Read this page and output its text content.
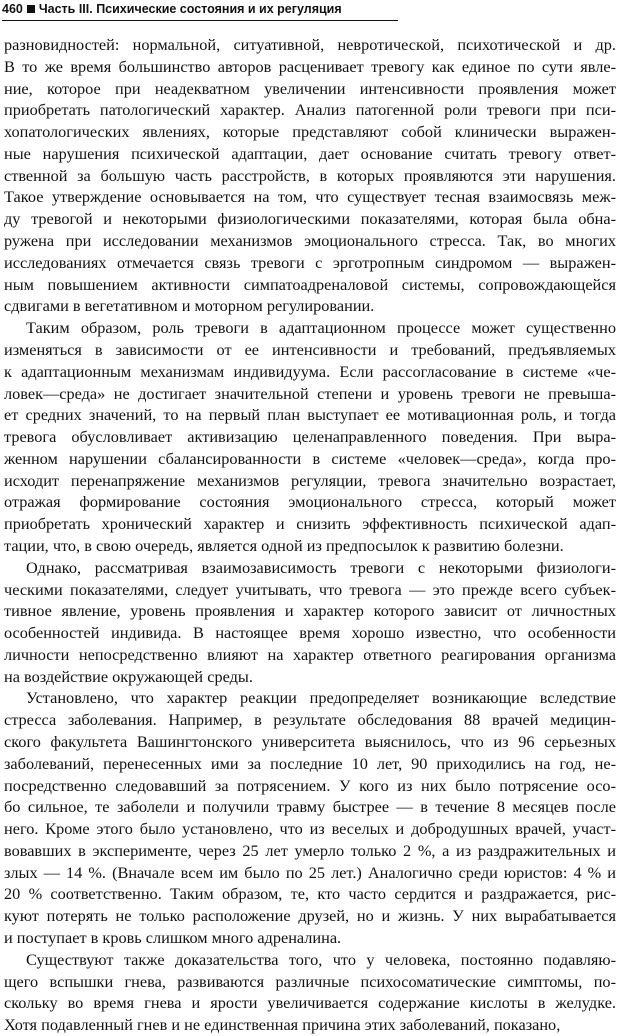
460 Часть III. Психические состояния и их регуляция
разновидностей: нормальной, ситуативной, невротической, психотической и др.
В то же время большинство авторов расценивает тревогу как единое по сути явле-
ние, которое при неадекватном увеличении интенсивности проявления может
приобретать патологический характер. Анализ патогенной роли тревоги при пси-
хопатологических явлениях, которые представляют собой клинически выражен-
ные нарушения психической адаптации, дает основание считать тревогу ответ-
ственной за большую часть расстройств, в которых проявляются эти нарушения.
Такое утверждение основывается на том, что существует тесная взаимосвязь меж-
ду тревогой и некоторыми физиологическими показателями, которая была обна-
ружена при исследовании механизмов эмоционального стресса. Так, во многих
исследованиях отмечается связь тревоги с эрготропным синдромом — выражен-
ным повышением активности симпатоадреналовой системы, сопровождающейся
сдвигами в вегетативном и моторном регулировании.
Таким образом, роль тревоги в адаптационном процессе может существенно
изменяться в зависимости от ее интенсивности и требований, предъявляемых
к адаптационным механизмам индивидуума. Если рассогласование в системе «че-
ловек—среда» не достигает значительной степени и уровень тревоги не превыша-
ет средних значений, то на первый план выступает ее мотивационная роль, и тогда
тревога обусловливает активизацию целенаправленного поведения. При выра-
женном нарушении сбалансированности в системе «человек—среда», когда про-
исходит перенапряжение механизмов регуляции, тревога значительно возрастает,
отражая формирование состояния эмоционального стресса, который может
приобретать хронический характер и снизить эффективность психической адап-
тации, что, в свою очередь, является одной из предпосылок к развитию болезни.
Однако, рассматривая взаимозависимость тревоги с некоторыми физиологи-
ческими показателями, следует учитывать, что тревога — это прежде всего субъек-
тивное явление, уровень проявления и характер которого зависит от личностных
особенностей индивида. В настоящее время хорошо известно, что особенности
личности непосредственно влияют на характер ответного реагирования организма
на воздействие окружающей среды.
Установлено, что характер реакции предопределяет возникающие вследствие
стресса заболевания. Например, в результате обследования 88 врачей медицин-
ского факультета Вашингтонского университета выяснилось, что из 96 серьезных
заболеваний, перенесенных ими за последние 10 лет, 90 приходились на год, не-
посредственно следовавший за потрясением. У кого из них было потрясение осо-
бо сильное, те заболели и получили травму быстрее — в течение 8 месяцев после
него. Кроме этого было установлено, что из веселых и добродушных врачей, участ-
вовавших в эксперименте, через 25 лет умерло только 2 %, а из раздражительных и
злых — 14 %. (Вначале всем им было по 25 лет.) Аналогично среди юристов: 4 % и
20 % соответственно. Таким образом, те, кто часто сердится и раздражается, рис-
куют потерять не только расположение друзей, но и жизнь. У них вырабатывается
и поступает в кровь слишком много адреналина.
Существуют также доказательства того, что у человека, постоянно подавляю-
щего вспышки гнева, развиваются различные психосоматические симптомы, по-
скольку во время гнева и ярости увеличивается содержание кислоты в желудке.
Хотя подавленный гнев и не единственная причина этих заболеваний, показано,
